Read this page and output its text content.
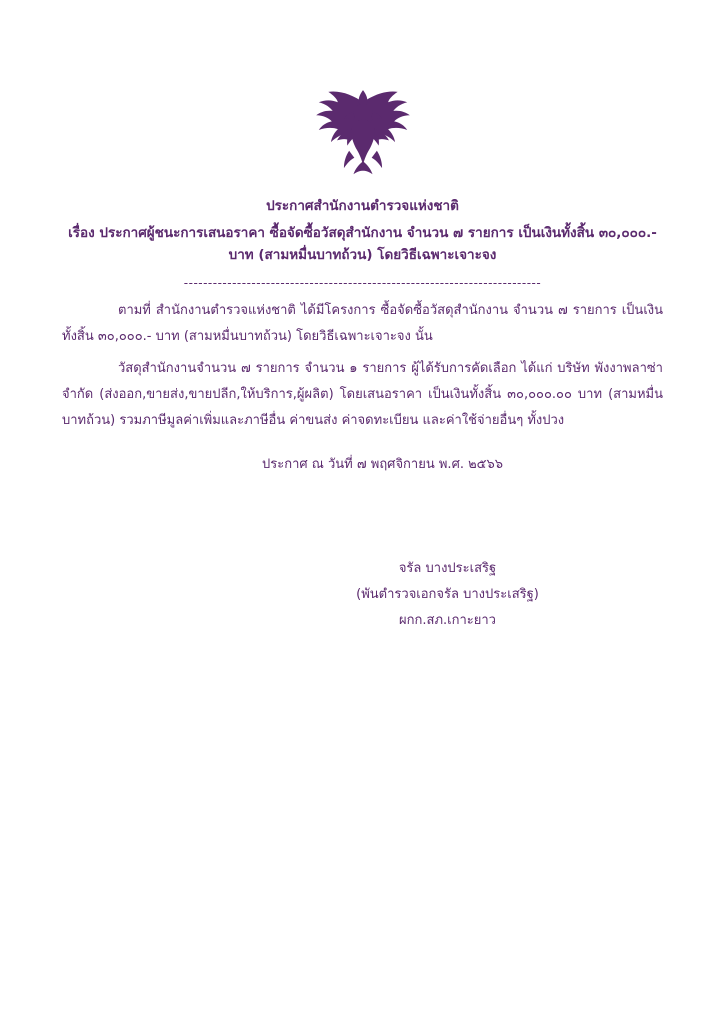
ประกาศสำนักงานตำรวจแห่งชาติ
เรื่อง ประกาศผู้ชนะการเสนอราคา ซื้อจัดซื้อวัสดุสำนักงาน จำนวน ๗ รายการ เป็นเงินทั้งสิ้น ๓๐,๐๐๐.-
บาท (สามหมื่นบาทถ้วน) โดยวิธีเฉพาะเจาะจง
--------------------------------------------------------------------------
ตามที่ สำนักงานตำรวจแห่งชาติ ได้มีโครงการ ซื้อจัดซื้อวัสดุสำนักงาน จำนวน ๗ รายการ เป็นเงินทั้งสิ้น ๓๐,๐๐๐.- บาท (สามหมื่นบาทถ้วน) โดยวิธีเฉพาะเจาะจง นั้น
วัสดุสำนักงานจำนวน ๗ รายการ จำนวน ๑ รายการ ผู้ได้รับการคัดเลือก ได้แก่ บริษัท พังงาพลาซ่า จำกัด (ส่งออก,ขายส่ง,ขายปลีก,ให้บริการ,ผู้ผลิต) โดยเสนอราคา เป็นเงินทั้งสิ้น ๓๐,๐๐๐.๐๐ บาท (สามหมื่นบาทถ้วน) รวมภาษีมูลค่าเพิ่มและภาษีอื่น ค่าขนส่ง ค่าจดทะเบียน และค่าใช้จ่ายอื่นๆ ทั้งปวง
ประกาศ ณ วันที่ ๗ พฤศจิกายน พ.ศ. ๒๕๖๖
จรัล บางประเสริฐ
(พันตำรวจเอกจรัล บางประเสริฐ)
ผกก.สภ.เกาะยาว
